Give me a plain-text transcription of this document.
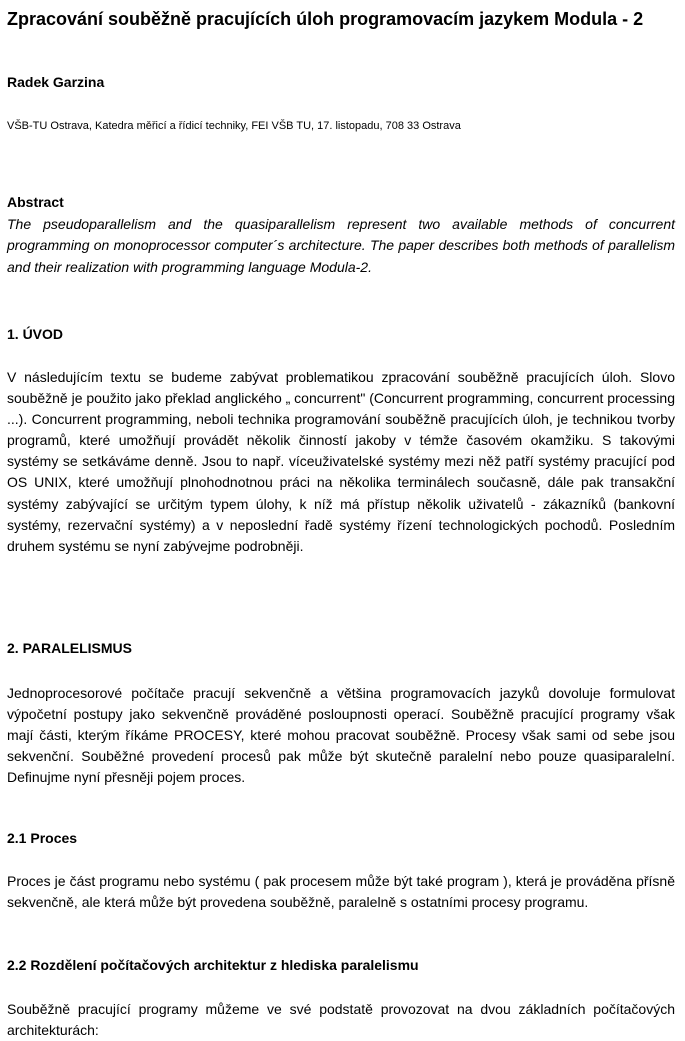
Zpracování souběžně pracujících úloh programovacím jazykem Modula - 2

Radek Garzina

VŠB-TU Ostrava, Katedra měřicí a řídicí techniky, FEI VŠB TU, 17. listopadu, 708 33 Ostrava

Abstract

The pseudoparallelism and the quasiparallelism represent two available methods of concurrent programming on monoprocessor computer´s architecture. The paper describes both methods of parallelism and their realization with programming language Modula-2.

1. ÚVOD

V následujícím textu se budeme zabývat problematikou zpracování souběžně pracujících úloh. Slovo souběžně je použito jako překlad anglického „ concurrent" (Concurrent programming, concurrent processing ...). Concurrent programming, neboli technika programování souběžně pracujících úloh, je technikou tvorby programů, které umožňují provádět několik činností jakoby v témže časovém okamžiku. S takovými systémy se setkáváme denně. Jsou to např. víceuživatelské systémy mezi něž patří systémy pracující pod OS UNIX, které umožňují plnohodnotnou práci na několika terminálech současně, dále pak transakční systémy zabývající se určitým typem úlohy, k níž má přístup několik uživatelů - zákazníků (bankovní systémy, rezervační systémy) a v neposlední řadě systémy řízení technologických pochodů. Posledním druhem systému se nyní zabývejme podrobněji.

2. PARALELISMUS

Jednoprocesorové počítače pracují sekvenčně a většina programovacích jazyků dovoluje formulovat výpočetní postupy jako sekvenčně prováděné posloupnosti operací. Souběžně pracující programy však mají části, kterým říkáme PROCESY, které mohou pracovat souběžně. Procesy však sami od sebe jsou sekvenční. Souběžné provedení procesů pak může být skutečně paralelní nebo pouze quasiparalelní. Definujme nyní přesněji pojem proces.

2.1 Proces

Proces je část programu nebo systému ( pak procesem může být také program ), která je prováděna přísně sekvenčně, ale která může být provedena souběžně, paralelně s ostatními procesy programu.

2.2 Rozdělení počítačových architektur z hlediska paralelismu

Souběžně pracující programy můžeme ve své podstatě provozovat na dvou základních počítačových architekturách:
